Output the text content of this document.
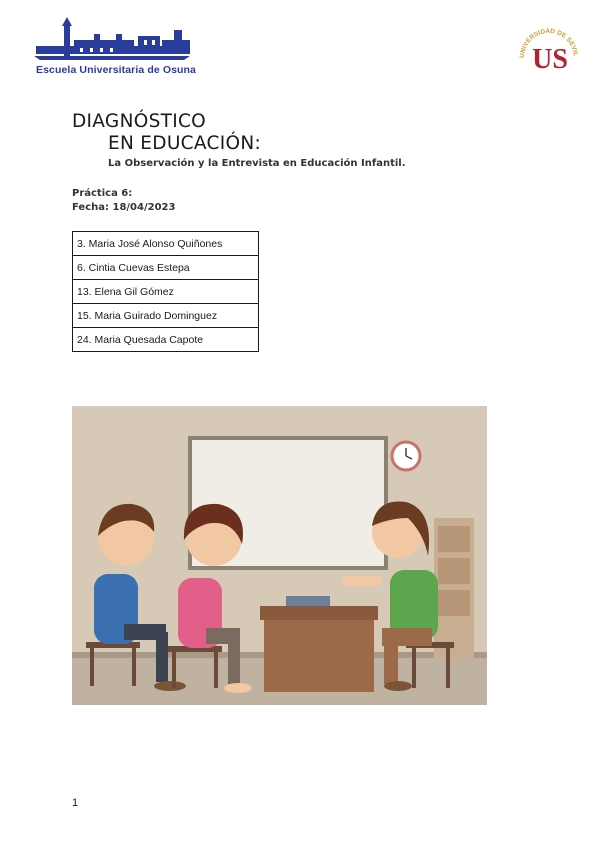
Escuela Universitaria de Osuna
UNIVERSIDAD DE SEVIL
US
DIAGNÓSTICO
EN EDUCACIÓN:
La Observación y la Entrevista en Educación Infantil.
Práctica 6:
Fecha: 18/04/2023
3. Maria José Alonso Quiñones
6. Cintia Cuevas Estepa
13. Elena Gil Gómez
15. Maria Guirado Dominguez
24. Maria Quesada Capote
1
